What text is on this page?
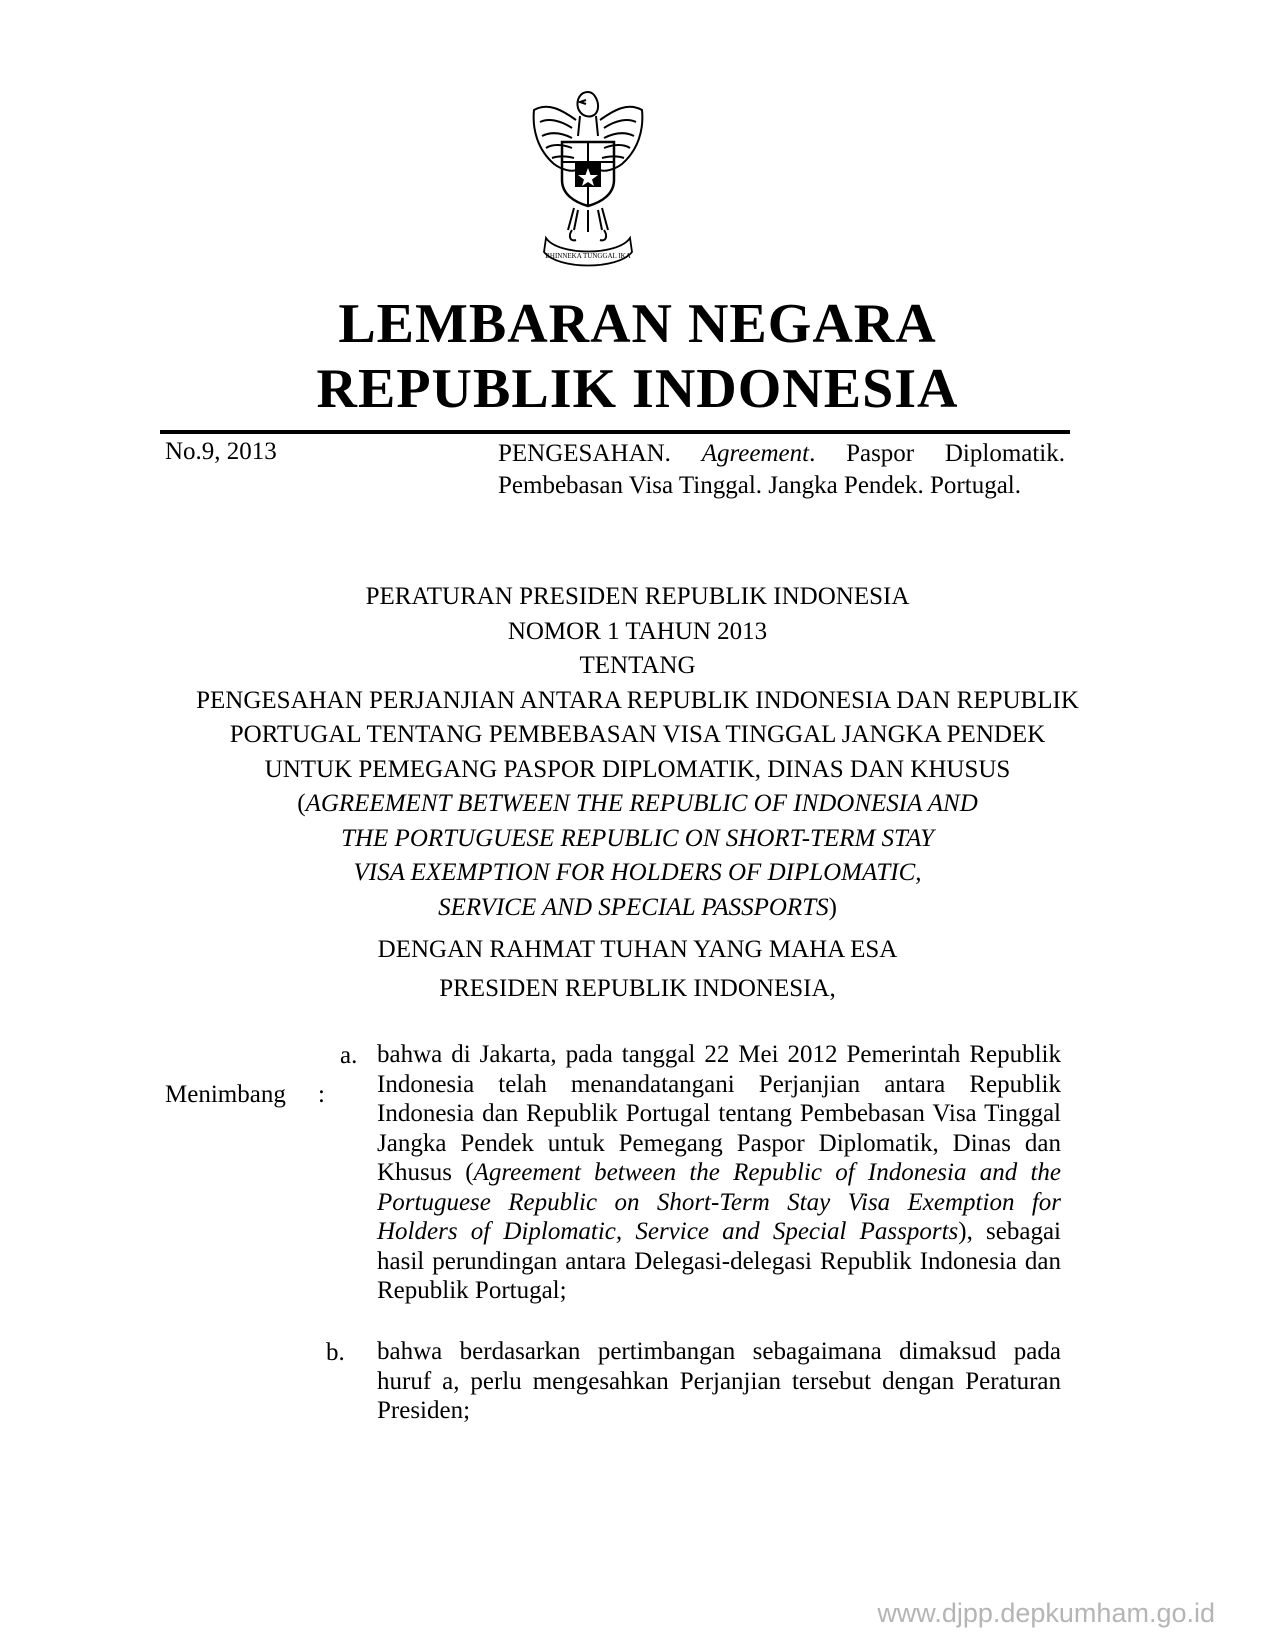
BHINNEKA TUNGGAL IKA
LEMBARAN NEGARA
REPUBLIK INDONESIA
No.9, 2013	PENGESAHAN. Agreement. Paspor Diplomatik. Pembebasan Visa Tinggal. Jangka Pendek. Portugal.
PERATURAN PRESIDEN REPUBLIK INDONESIA
NOMOR 1 TAHUN 2013
TENTANG
PENGESAHAN PERJANJIAN ANTARA REPUBLIK INDONESIA DAN REPUBLIK
PORTUGAL TENTANG PEMBEBASAN VISA TINGGAL JANGKA PENDEK
UNTUK PEMEGANG PASPOR DIPLOMATIK, DINAS DAN KHUSUS
(AGREEMENT BETWEEN THE REPUBLIC OF INDONESIA AND
THE PORTUGUESE REPUBLIC ON SHORT-TERM STAY
VISA EXEMPTION FOR HOLDERS OF DIPLOMATIC,
SERVICE AND SPECIAL PASSPORTS)
DENGAN RAHMAT TUHAN YANG MAHA ESA
PRESIDEN REPUBLIK INDONESIA,
Menimbang :
a. bahwa di Jakarta, pada tanggal 22 Mei 2012 Pemerintah Republik Indonesia telah menandatangani Perjanjian antara Republik Indonesia dan Republik Portugal tentang Pembebasan Visa Tinggal Jangka Pendek untuk Pemegang Paspor Diplomatik, Dinas dan Khusus (Agreement between the Republic of Indonesia and the Portuguese Republic on Short-Term Stay Visa Exemption for Holders of Diplomatic, Service and Special Passports), sebagai hasil perundingan antara Delegasi-delegasi Republik Indonesia dan Republik Portugal;
b. bahwa berdasarkan pertimbangan sebagaimana dimaksud pada huruf a, perlu mengesahkan Perjanjian tersebut dengan Peraturan Presiden;
www.djpp.depkumham.go.id
